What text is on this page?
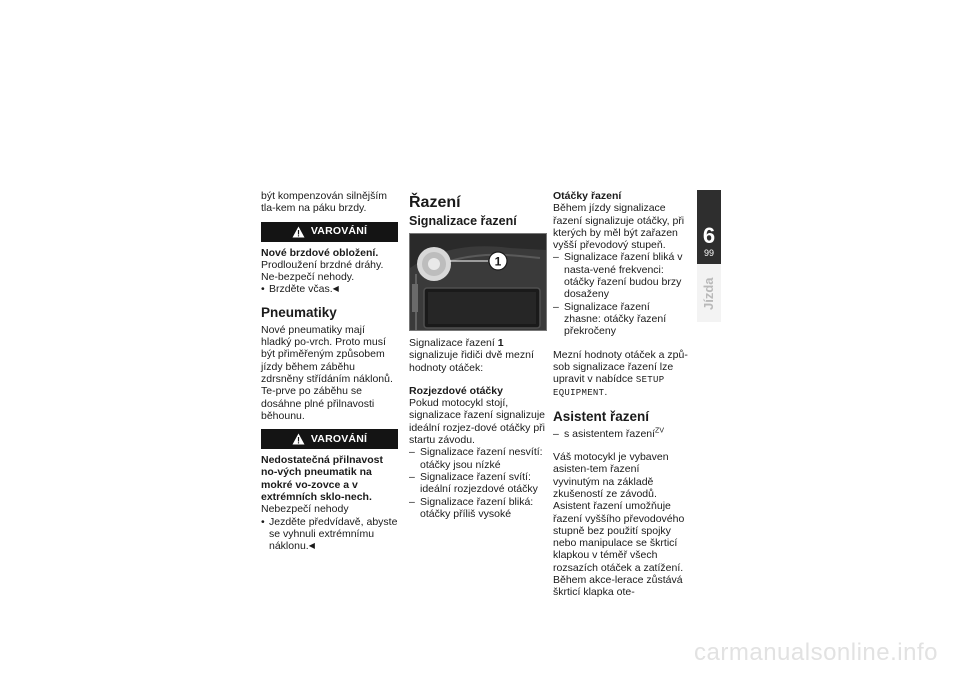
být kompenzován silnějším tla-kem na páku brzdy.

VAROVÁNÍ

Nové brzdové obložení.

Prodloužení brzdné dráhy. Ne-bezpečí nehody.

• Brzděte včas.◀
Pneumatiky

Nové pneumatiky mají hladký po-vrch. Proto musí být přiměřeným způsobem jízdy během záběhu zdrsněny střídáním náklonů. Te-prve po záběhu se dosáhne plné přilnavosti běhounu.

VAROVÁNÍ

Nedostatečná přilnavost no-vých pneumatik na mokré vo-zovce a v extrémních sklo-nech.

Nebezpečí nehody

• Jezděte předvídavě, abyste se vyhnuli extrémnímu náklonu.◀
Řazení
Signalizace řazení
1

Signalizace řazení 1 signalizuje řidiči dvě mezní hodnoty otáček:

Rozjezdové otáčky

Pokud motocykl stojí, signalizace řazení signalizuje ideální rozjez-dové otáčky při startu závodu.

– Signalizace řazení nesvítí: otáčky jsou nízké
– Signalizace řazení svítí: ideální rozjezdové otáčky
– Signalizace řazení bliká: otáčky příliš vysoké
Otáčky řazení

Během jízdy signalizace řazení signalizuje otáčky, při kterých by měl být zařazen vyšší převodový stupeň.

– Signalizace řazení bliká v nasta-vené frekvenci: otáčky řazení budou brzy dosaženy
– Signalizace řazení zhasne: otáčky řazení překročeny

Mezní hodnoty otáček a způ-sob signalizace řazení lze upravit v nabídce SETUP EQUIPMENT.

Asistent řazení
– s asistentem řazení$^{ZV}$

Váš motocykl je vybaven asisten-tem řazení vyvinutým na základě zkušeností ze závodů. Asistent řazení umožňuje řazení vyššího převodového stupně bez použití spojky nebo manipulace se škrticí klapkou v téměř všech rozsazích otáček a zatížení. Během akce-lerace zůstává škrticí klapka ote-

6
99
Jízda
carmanualsonline.info
